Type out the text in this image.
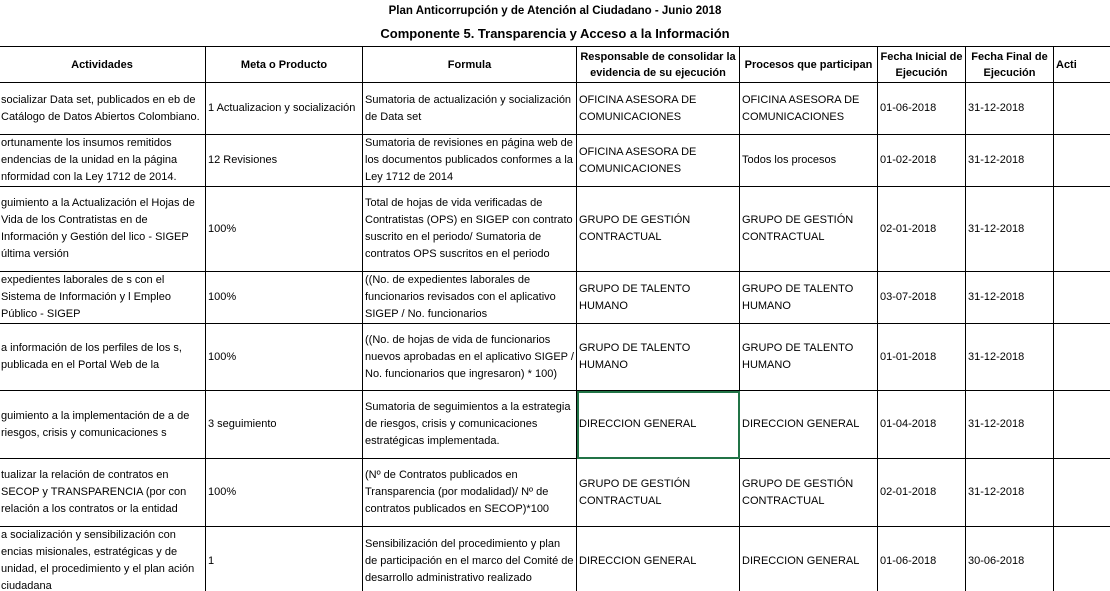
Plan Anticorrupción y de Atención al Ciudadano - Junio 2018
Componente 5. Transparencia y Acceso a la Información
Actividades	Meta o Producto	Formula	Responsable de consolidar la evidencia de su ejecución	Procesos que participan	Fecha Inicial de Ejecución	Fecha Final de Ejecución	Acti
socializar Data set, publicados en eb de Catálogo de Datos Abiertos Colombiano.	1 Actualizacion y socialización	Sumatoria de actualización y socialización de Data set	OFICINA ASESORA DE COMUNICACIONES	OFICINA ASESORA DE COMUNICACIONES	01-06-2018	31-12-2018	
ortunamente los insumos remitidos endencias de la unidad en la página nformidad con la Ley 1712 de 2014.	12 Revisiones	Sumatoria de revisiones en página web de los documentos publicados conformes a la Ley 1712 de 2014	OFICINA ASESORA DE COMUNICACIONES	Todos los procesos	01-02-2018	31-12-2018	
guimiento a la Actualización el Hojas de Vida de los Contratistas en de Información y Gestión del lico - SIGEP última versión	100%	Total de hojas de vida verificadas de Contratistas (OPS) en SIGEP con contrato suscrito en el periodo/ Sumatoria de contratos OPS suscritos en el periodo	GRUPO DE GESTIÓN CONTRACTUAL	GRUPO DE GESTIÓN CONTRACTUAL	02-01-2018	31-12-2018	
expedientes laborales de s con el Sistema de Información y l Empleo Público - SIGEP	100%	((No. de expedientes laborales de funcionarios revisados con el aplicativo SIGEP / No. funcionarios	GRUPO DE TALENTO HUMANO	GRUPO DE TALENTO HUMANO	03-07-2018	31-12-2018	
a información de los perfiles de los s, publicada en el Portal Web de la	100%	((No. de hojas de vida de funcionarios nuevos aprobadas en el aplicativo SIGEP / No. funcionarios que ingresaron) * 100)	GRUPO DE TALENTO HUMANO	GRUPO DE TALENTO HUMANO	01-01-2018	31-12-2018	
guimiento a la implementación de a de riesgos, crisis y comunicaciones s	3 seguimiento	Sumatoria de seguimientos a la estrategia de riesgos, crisis y comunicaciones estratégicas implementada.	DIRECCION GENERAL	DIRECCION GENERAL	01-04-2018	31-12-2018	
tualizar la relación de contratos en SECOP y TRANSPARENCIA (por con relación a los contratos or la entidad	100%	(Nº de Contratos publicados en Transparencia (por modalidad)/ Nº de contratos publicados en SECOP)*100	GRUPO DE GESTIÓN CONTRACTUAL	GRUPO DE GESTIÓN CONTRACTUAL	02-01-2018	31-12-2018	
a socialización y sensibilización con encias misionales, estratégicas y de unidad, el procedimiento y el plan ación ciudadana	1	Sensibilización del procedimiento y plan de participación en el marco del Comité de desarrollo administrativo realizado	DIRECCION GENERAL	DIRECCION GENERAL	01-06-2018	30-06-2018	
